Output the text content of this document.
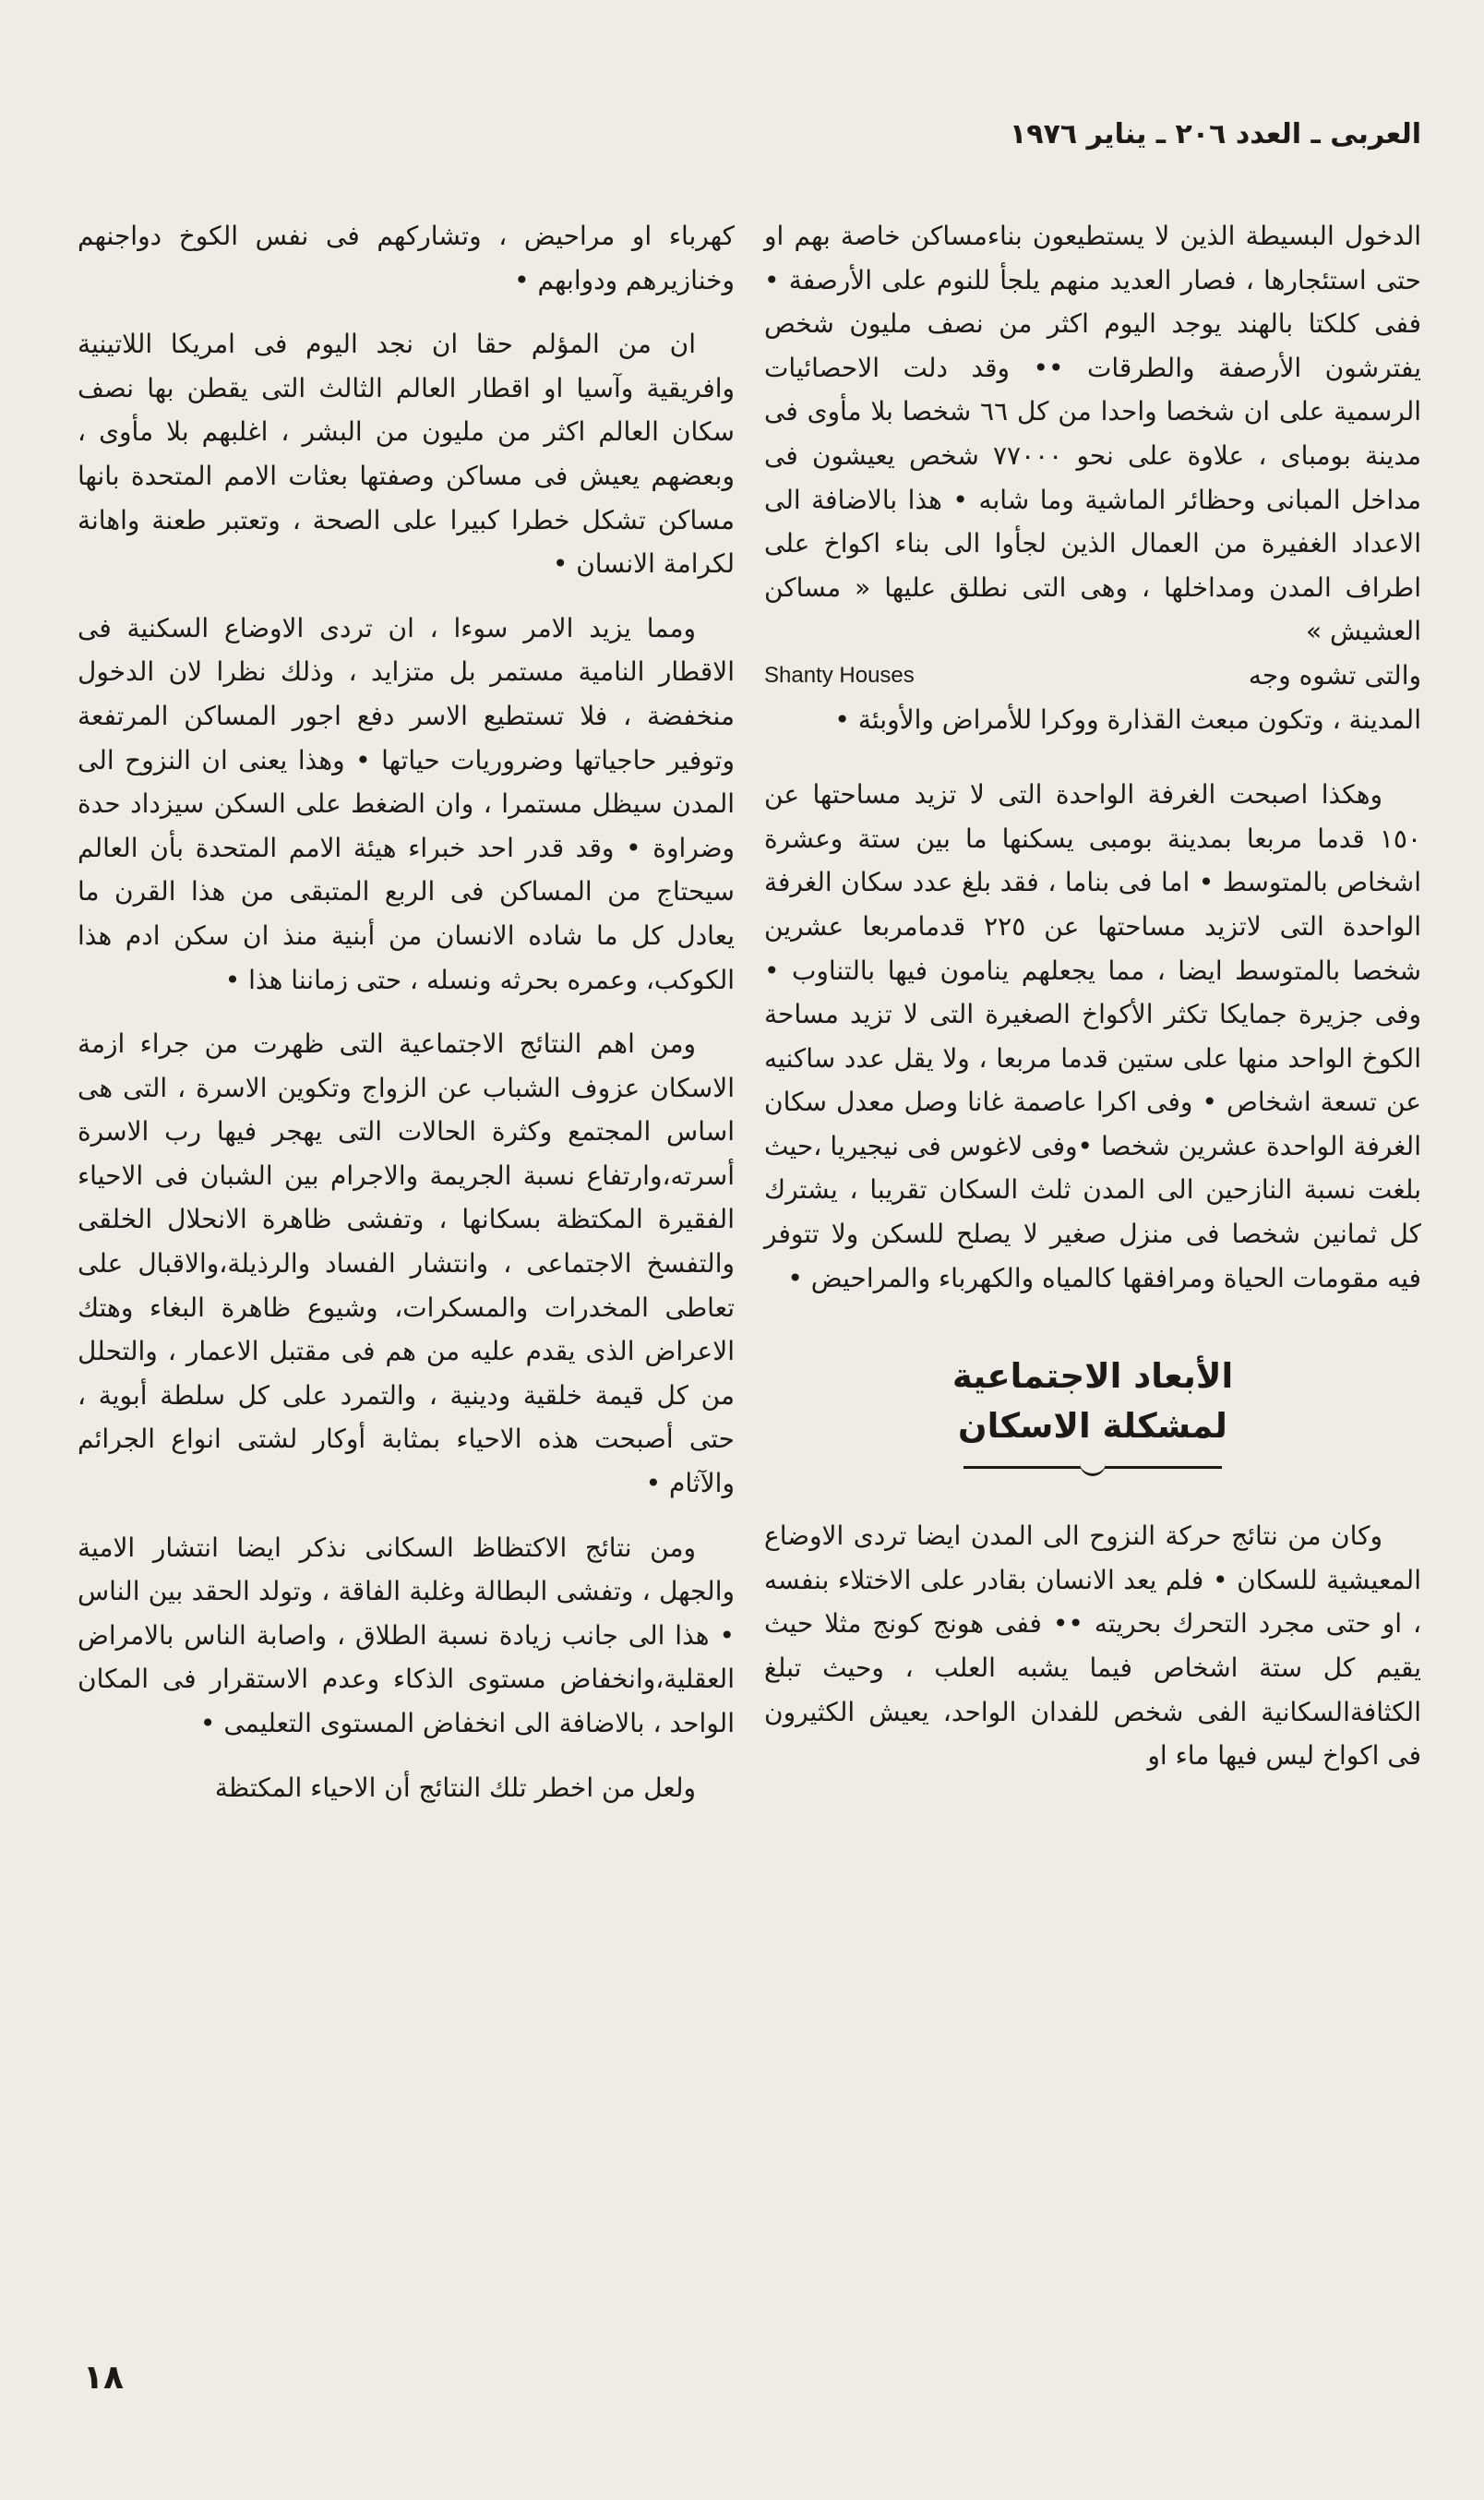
العربى ـ العدد ٢٠٦ ـ يناير ١٩٧٦

الدخول البسيطة الذين لا يستطيعون بناءمساكن خاصة بهم او حتى استئجارها ، فصار العديد منهم يلجأ للنوم على الأرصفة • ففى كلكتا بالهند يوجد اليوم اكثر من نصف مليون شخص يفترشون الأرصفة والطرقات •• وقد دلت الاحصائيات الرسمية على ان شخصا واحدا من كل ٦٦ شخصا بلا مأوى فى مدينة بومباى ، علاوة على نحو ٧٧٠٠٠ شخص يعيشون فى مداخل المبانى وحظائر الماشية وما شابه • هذا بالاضافة الى الاعداد الغفيرة من العمال الذين لجأوا الى بناء اكواخ على اطراف المدن ومداخلها ، وهى التى نطلق عليها « مساكن العشيش »

Shanty Houses	والتى تشوه وجه

المدينة ، وتكون مبعث القذارة ووكرا للأمراض والأوبئة •

وهكذا اصبحت الغرفة الواحدة التى لا تزيد مساحتها عن ١٥٠ قدما مربعا بمدينة بومبى يسكنها ما بين ستة وعشرة اشخاص بالمتوسط • اما فى بناما ، فقد بلغ عدد سكان الغرفة الواحدة التى لاتزيد مساحتها عن ٢٢٥ قدمامربعا عشرين شخصا بالمتوسط ايضا ، مما يجعلهم ينامون فيها بالتناوب • وفى جزيرة جمايكا تكثر الأكواخ الصغيرة التى لا تزيد مساحة الكوخ الواحد منها على ستين قدما مربعا ، ولا يقل عدد ساكنيه عن تسعة اشخاص • وفى اكرا عاصمة غانا وصل معدل سكان الغرفة الواحدة عشرين شخصا •وفى لاغوس فى نيجيريا ،حيث بلغت نسبة النازحين الى المدن ثلث السكان تقريبا ، يشترك كل ثمانين شخصا فى منزل صغير لا يصلح للسكن ولا تتوفر فيه مقومات الحياة ومرافقها كالمياه والكهرباء والمراحيض •

الأبعاد الاجتماعية
لمشكلة الاسكان

وكان من نتائج حركة النزوح الى المدن ايضا تردى الاوضاع المعيشية للسكان • فلم يعد الانسان بقادر على الاختلاء بنفسه ، او حتى مجرد التحرك بحريته •• ففى هونج كونج مثلا حيث يقيم كل ستة اشخاص فيما يشبه العلب ، وحيث تبلغ الكثافةالسكانية الفى شخص للفدان الواحد، يعيش الكثيرون فى اكواخ ليس فيها ماء او

كهرباء او مراحيض ، وتشاركهم فى نفس الكوخ دواجنهم وخنازيرهم ودوابهم •

ان من المؤلم حقا ان نجد اليوم فى امريكا اللاتينية وافريقية وآسيا او اقطار العالم الثالث التى يقطن بها نصف سكان العالم اكثر من مليون من البشر ، اغلبهم بلا مأوى ، وبعضهم يعيش فى مساكن وصفتها بعثات الامم المتحدة بانها مساكن تشكل خطرا كبيرا على الصحة ، وتعتبر طعنة واهانة لكرامة الانسان •

ومما يزيد الامر سوءا ، ان تردى الاوضاع السكنية فى الاقطار النامية مستمر بل متزايد ، وذلك نظرا لان الدخول منخفضة ، فلا تستطيع الاسر دفع اجور المساكن المرتفعة وتوفير حاجياتها وضروريات حياتها • وهذا يعنى ان النزوح الى المدن سيظل مستمرا ، وان الضغط على السكن سيزداد حدة وضراوة • وقد قدر احد خبراء هيئة الامم المتحدة بأن العالم سيحتاج من المساكن فى الربع المتبقى من هذا القرن ما يعادل كل ما شاده الانسان من أبنية منذ ان سكن ادم هذا الكوكب، وعمره بحرثه ونسله ، حتى زماننا هذا •

ومن اهم النتائج الاجتماعية التى ظهرت من جراء ازمة الاسكان عزوف الشباب عن الزواج وتكوين الاسرة ، التى هى اساس المجتمع وكثرة الحالات التى يهجر فيها رب الاسرة أسرته،وارتفاع نسبة الجريمة والاجرام بين الشبان فى الاحياء الفقيرة المكتظة بسكانها ، وتفشى ظاهرة الانحلال الخلقى والتفسخ الاجتماعى ، وانتشار الفساد والرذيلة،والاقبال على تعاطى المخدرات والمسكرات، وشيوع ظاهرة البغاء وهتك الاعراض الذى يقدم عليه من هم فى مقتبل الاعمار ، والتحلل من كل قيمة خلقية ودينية ، والتمرد على كل سلطة أبوية ، حتى أصبحت هذه الاحياء بمثابة أوكار لشتى انواع الجرائم والآثام •

ومن نتائج الاكتظاظ السكانى نذكر ايضا انتشار الامية والجهل ، وتفشى البطالة وغلبة الفاقة ، وتولد الحقد بين الناس • هذا الى جانب زيادة نسبة الطلاق ، واصابة الناس بالامراض العقلية،وانخفاض مستوى الذكاء وعدم الاستقرار فى المكان الواحد ، بالاضافة الى انخفاض المستوى التعليمى •

ولعل من اخطر تلك النتائج أن الاحياء المكتظة

١٨
